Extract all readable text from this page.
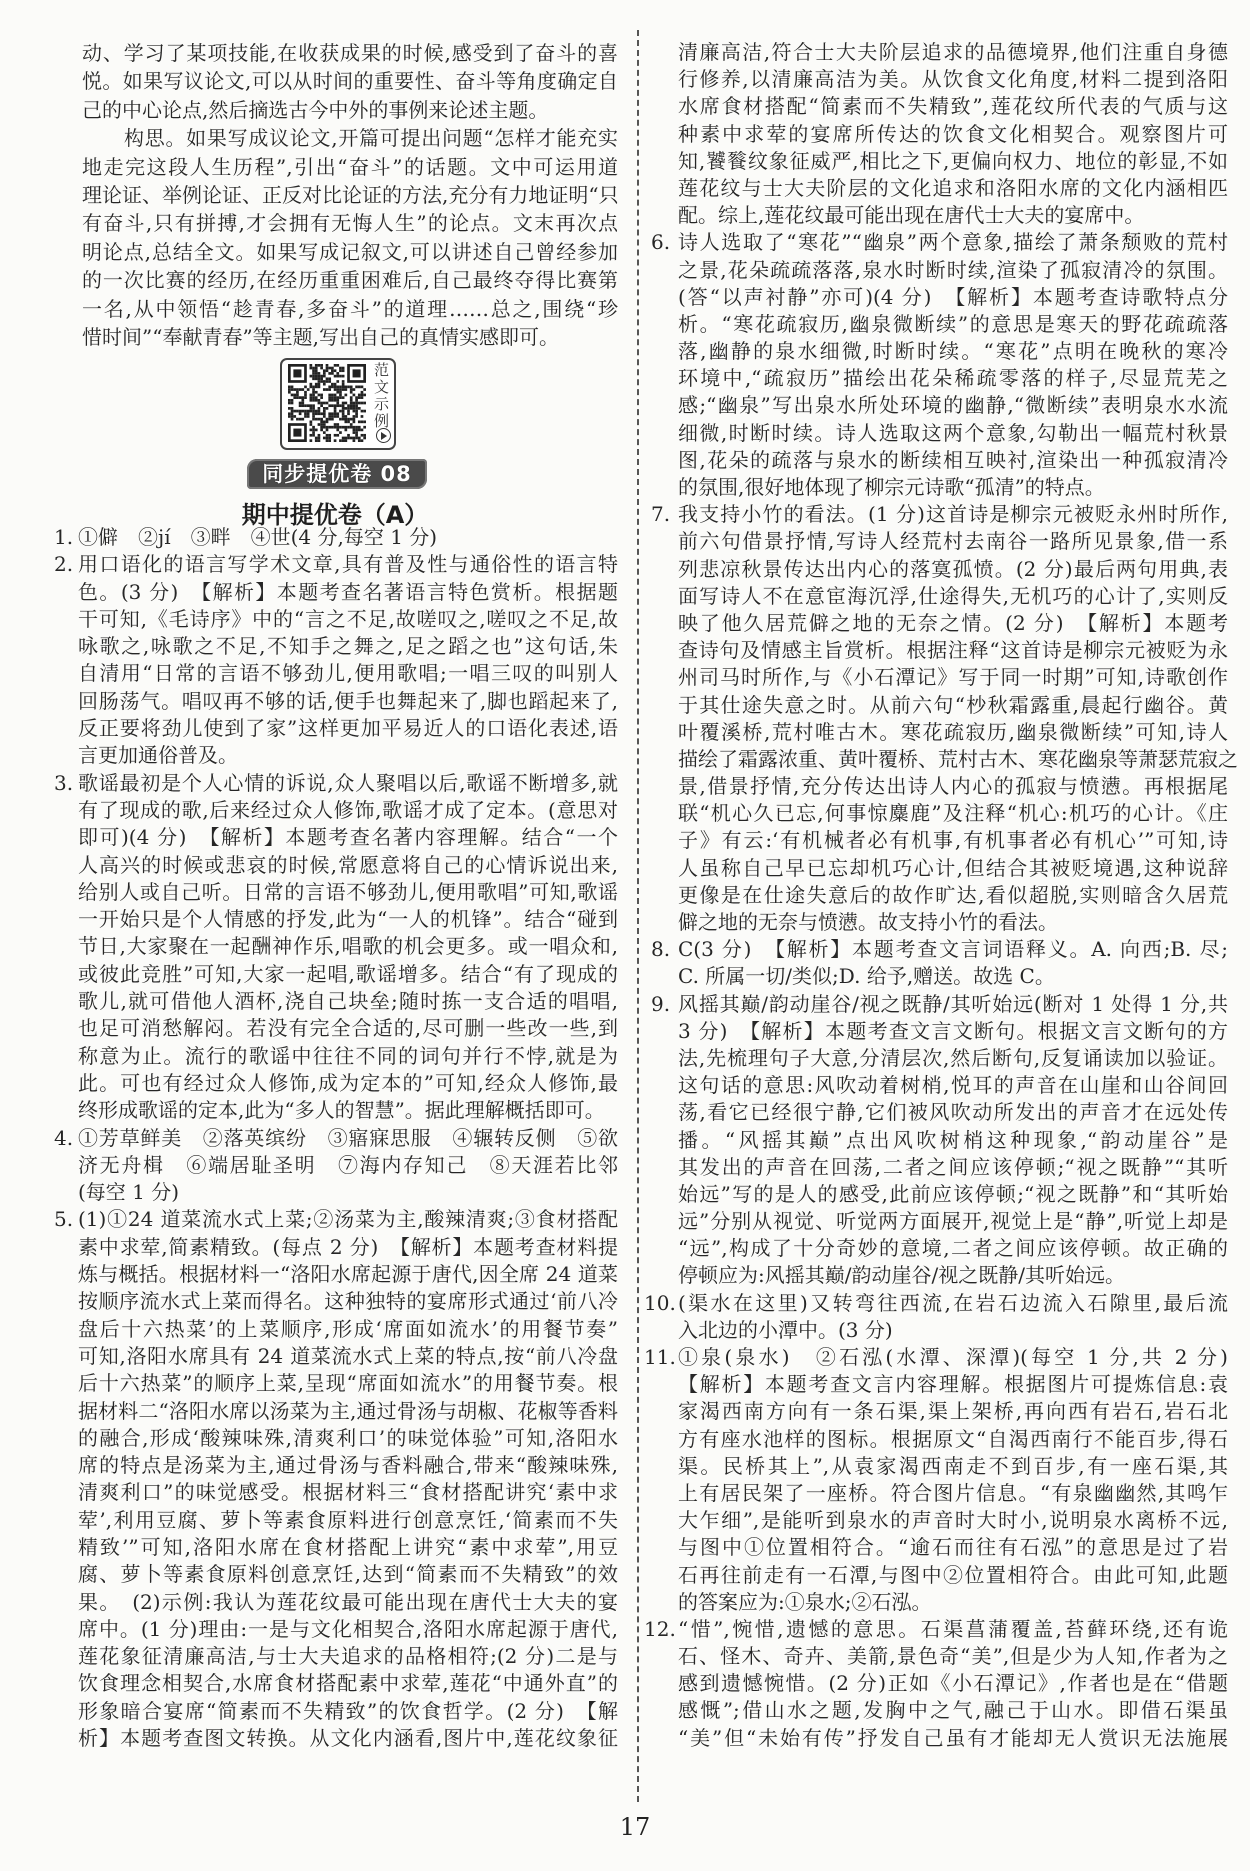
动、学习了某项技能,在收获成果的时候,感受到了奋斗的喜
悦。如果写议论文,可以从时间的重要性、奋斗等角度确定自
己的中心论点,然后摘选古今中外的事例来论述主题。
构思。如果写成议论文,开篇可提出问题“怎样才能充实
地走完这段人生历程”,引出“奋斗”的话题。文中可运用道
理论证、举例论证、正反对比论证的方法,充分有力地证明“只
有奋斗,只有拼搏,才会拥有无悔人生”的论点。文末再次点
明论点,总结全文。如果写成记叙文,可以讲述自己曾经参加
的一次比赛的经历,在经历重重困难后,自己最终夺得比赛第
一名,从中领悟“趁青春,多奋斗”的道理……总之,围绕“珍
惜时间”“奉献青春”等主题,写出自己的真情实感即可。
范文示例
同步提优卷 08
期中提优卷（A）
1. ①僻　②jí　③畔　④世(4 分,每空 1 分)
2. 用口语化的语言写学术文章,具有普及性与通俗性的语言特
色。(3 分)　【解析】本题考查名著语言特色赏析。根据题
干可知,《毛诗序》中的“言之不足,故嗟叹之,嗟叹之不足,故
咏歌之,咏歌之不足,不知手之舞之,足之蹈之也”这句话,朱
自清用“日常的言语不够劲儿,便用歌唱;一唱三叹的叫别人
回肠荡气。唱叹再不够的话,便手也舞起来了,脚也蹈起来了,
反正要将劲儿使到了家”这样更加平易近人的口语化表述,语
言更加通俗普及。
3. 歌谣最初是个人心情的诉说,众人聚唱以后,歌谣不断增多,就
有了现成的歌,后来经过众人修饰,歌谣才成了定本。(意思对
即可)(4 分)　【解析】本题考查名著内容理解。结合“一个
人高兴的时候或悲哀的时候,常愿意将自己的心情诉说出来,
给别人或自己听。日常的言语不够劲儿,便用歌唱”可知,歌谣
一开始只是个人情感的抒发,此为“一人的机锋”。结合“碰到
节日,大家聚在一起酬神作乐,唱歌的机会更多。或一唱众和,
或彼此竞胜”可知,大家一起唱,歌谣增多。结合“有了现成的
歌儿,就可借他人酒杯,浇自己块垒;随时拣一支合适的唱唱,
也足可消愁解闷。若没有完全合适的,尽可删一些改一些,到
称意为止。流行的歌谣中往往不同的词句并行不悖,就是为
此。可也有经过众人修饰,成为定本的”可知,经众人修饰,最
终形成歌谣的定本,此为“多人的智慧”。据此理解概括即可。
4. ①芳草鲜美　②落英缤纷　③寤寐思服　④辗转反侧　⑤欲
济无舟楫　⑥端居耻圣明　⑦海内存知己　⑧天涯若比邻
(每空 1 分)
5. (1)①24 道菜流水式上菜;②汤菜为主,酸辣清爽;③食材搭配
素中求荤,简素精致。(每点 2 分)　【解析】本题考查材料提
炼与概括。根据材料一“洛阳水席起源于唐代,因全席 24 道菜
按顺序流水式上菜而得名。这种独特的宴席形式通过‘前八冷
盘后十六热菜’的上菜顺序,形成‘席面如流水’的用餐节奏”
可知,洛阳水席具有 24 道菜流水式上菜的特点,按“前八冷盘
后十六热菜”的顺序上菜,呈现“席面如流水”的用餐节奏。根
据材料二“洛阳水席以汤菜为主,通过骨汤与胡椒、花椒等香料
的融合,形成‘酸辣味殊,清爽利口’的味觉体验”可知,洛阳水
席的特点是汤菜为主,通过骨汤与香料融合,带来“酸辣味殊,
清爽利口”的味觉感受。根据材料三“食材搭配讲究‘素中求
荤’,利用豆腐、萝卜等素食原料进行创意烹饪,‘简素而不失
精致’”可知,洛阳水席在食材搭配上讲究“素中求荤”,用豆
腐、萝卜等素食原料创意烹饪,达到“简素而不失精致”的效
果。　(2)示例:我认为莲花纹最可能出现在唐代士大夫的宴
席中。(1 分)理由:一是与文化相契合,洛阳水席起源于唐代,
莲花象征清廉高洁,与士大夫追求的品格相符;(2 分)二是与
饮食理念相契合,水席食材搭配素中求荤,莲花“中通外直”的
形象暗合宴席“简素而不失精致”的饮食哲学。(2 分)　【解
析】本题考查图文转换。从文化内涵看,图片中,莲花纹象征
清廉高洁,符合士大夫阶层追求的品德境界,他们注重自身德
行修养,以清廉高洁为美。从饮食文化角度,材料二提到洛阳
水席食材搭配“简素而不失精致”,莲花纹所代表的气质与这
种素中求荤的宴席所传达的饮食文化相契合。观察图片可
知,饕餮纹象征威严,相比之下,更偏向权力、地位的彰显,不如
莲花纹与士大夫阶层的文化追求和洛阳水席的文化内涵相匹
配。综上,莲花纹最可能出现在唐代士大夫的宴席中。
6. 诗人选取了“寒花”“幽泉”两个意象,描绘了萧条颓败的荒村
之景,花朵疏疏落落,泉水时断时续,渲染了孤寂清冷的氛围。
(答“以声衬静”亦可)(4 分)　【解析】本题考查诗歌特点分
析。“寒花疏寂历,幽泉微断续”的意思是寒天的野花疏疏落
落,幽静的泉水细微,时断时续。“寒花”点明在晚秋的寒冷
环境中,“疏寂历”描绘出花朵稀疏零落的样子,尽显荒芜之
感;“幽泉”写出泉水所处环境的幽静,“微断续”表明泉水水流
细微,时断时续。诗人选取这两个意象,勾勒出一幅荒村秋景
图,花朵的疏落与泉水的断续相互映衬,渲染出一种孤寂清冷
的氛围,很好地体现了柳宗元诗歌“孤清”的特点。
7. 我支持小竹的看法。(1 分)这首诗是柳宗元被贬永州时所作,
前六句借景抒情,写诗人经荒村去南谷一路所见景象,借一系
列悲凉秋景传达出内心的落寞孤愤。(2 分)最后两句用典,表
面写诗人不在意宦海沉浮,仕途得失,无机巧的心计了,实则反
映了他久居荒僻之地的无奈之情。(2 分)　【解析】本题考
查诗句及情感主旨赏析。根据注释“这首诗是柳宗元被贬为永
州司马时所作,与《小石潭记》写于同一时期”可知,诗歌创作
于其仕途失意之时。从前六句“杪秋霜露重,晨起行幽谷。黄
叶覆溪桥,荒村唯古木。寒花疏寂历,幽泉微断续”可知,诗人
描绘了霜露浓重、黄叶覆桥、荒村古木、寒花幽泉等萧瑟荒寂之
景,借景抒情,充分传达出诗人内心的孤寂与愤懑。再根据尾
联“机心久已忘,何事惊麋鹿”及注释“机心:机巧的心计。《庄
子》有云:‘有机械者必有机事,有机事者必有机心’”可知,诗
人虽称自己早已忘却机巧心计,但结合其被贬境遇,这种说辞
更像是在仕途失意后的故作旷达,看似超脱,实则暗含久居荒
僻之地的无奈与愤懑。故支持小竹的看法。
8. C(3 分)　【解析】本题考查文言词语释义。A. 向西;B. 尽;
C. 所属一切/类似;D. 给予,赠送。故选 C。
9. 风摇其巅/韵动崖谷/视之既静/其听始远(断对 1 处得 1 分,共
3 分)　【解析】本题考查文言文断句。根据文言文断句的方
法,先梳理句子大意,分清层次,然后断句,反复诵读加以验证。
这句话的意思:风吹动着树梢,悦耳的声音在山崖和山谷间回
荡,看它已经很宁静,它们被风吹动所发出的声音才在远处传
播。“风摇其巅”点出风吹树梢这种现象,“韵动崖谷”是
其发出的声音在回荡,二者之间应该停顿;“视之既静”“其听
始远”写的是人的感受,此前应该停顿;“视之既静”和“其听始
远”分别从视觉、听觉两方面展开,视觉上是“静”,听觉上却是
“远”,构成了十分奇妙的意境,二者之间应该停顿。故正确的
停顿应为:风摇其巅/韵动崖谷/视之既静/其听始远。
10. (渠水在这里)又转弯往西流,在岩石边流入石隙里,最后流
入北边的小潭中。(3 分)
11. ①泉(泉水)　②石泓(水潭、深潭)(每空 1 分,共 2 分)
【解析】本题考查文言内容理解。根据图片可提炼信息:袁
家渴西南方向有一条石渠,渠上架桥,再向西有岩石,岩石北
方有座水池样的图标。根据原文“自渴西南行不能百步,得石
渠。民桥其上”,从袁家渴西南走不到百步,有一座石渠,其
上有居民架了一座桥。符合图片信息。“有泉幽幽然,其鸣乍
大乍细”,是能听到泉水的声音时大时小,说明泉水离桥不远,
与图中①位置相符合。“逾石而往有石泓”的意思是过了岩
石再往前走有一石潭,与图中②位置相符合。由此可知,此题
的答案应为:①泉水;②石泓。
12. “惜”,惋惜,遗憾的意思。石渠菖蒲覆盖,苔藓环绕,还有诡
石、怪木、奇卉、美箭,景色奇“美”,但是少为人知,作者为之
感到遗憾惋惜。(2 分)正如《小石潭记》,作者也是在“借题
感慨”;借山水之题,发胸中之气,融己于山水。即借石渠虽
“美”但“未始有传”抒发自己虽有才能却无人赏识无法施展
17
